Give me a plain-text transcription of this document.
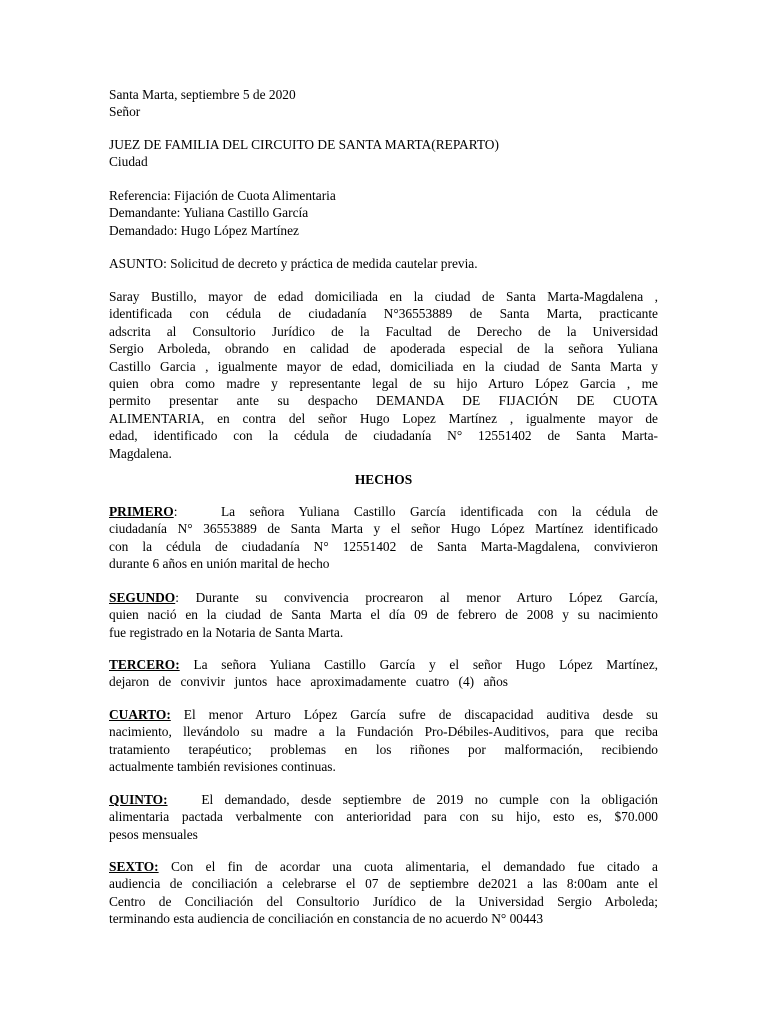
Santa Marta, septiembre 5 de 2020
Señor
JUEZ DE FAMILIA DEL CIRCUITO DE SANTA MARTA(REPARTO)
Ciudad
Referencia: Fijación de Cuota Alimentaria
Demandante: Yuliana Castillo García
Demandado: Hugo López Martínez
ASUNTO: Solicitud de decreto y práctica de medida cautelar previa.
Saray Bustillo, mayor de edad domiciliada en la ciudad de Santa Marta-Magdalena ,
identificada con cédula de ciudadanía N°36553889 de Santa Marta, practicante
adscrita al Consultorio Jurídico de la Facultad de Derecho de la Universidad
Sergio Arboleda, obrando en calidad de apoderada especial de la señora Yuliana
Castillo Garcia , igualmente mayor de edad, domiciliada en la ciudad de Santa Marta y
quien obra como madre y representante legal de su hijo Arturo López Garcia , me
permito presentar ante su despacho DEMANDA DE FIJACIÓN DE CUOTA
ALIMENTARIA, en contra del señor Hugo Lopez Martínez , igualmente mayor de
edad, identificado con la cédula de ciudadanía N° 12551402 de Santa Marta-
Magdalena.
HECHOS
PRIMERO:	La señora Yuliana Castillo García identificada con la cédula de
ciudadanía N° 36553889 de Santa Marta y el señor Hugo López Martínez identificado
con la cédula de ciudadanía N° 12551402 de Santa Marta-Magdalena, convivieron
durante 6 años en unión marital de hecho
SEGUNDO: Durante su convivencia procrearon al menor Arturo López García,
quien nació en la ciudad de Santa Marta el día 09 de febrero de 2008 y su nacimiento
fue registrado en la Notaria de Santa Marta.
TERCERO: La señora Yuliana Castillo García y el señor Hugo López Martínez,
dejaron de convivir juntos hace aproximadamente cuatro (4) años
CUARTO: El menor Arturo López García sufre de discapacidad auditiva desde su
nacimiento, llevándolo su madre a la Fundación Pro-Débiles-Auditivos, para que reciba
tratamiento terapéutico; problemas en los riñones por malformación, recibiendo
actualmente también revisiones continuas.
QUINTO:	El demandado, desde septiembre de 2019 no cumple con la obligación
alimentaria pactada verbalmente con anterioridad para con su hijo, esto es, $70.000
pesos mensuales
SEXTO: Con el fin de acordar una cuota alimentaria, el demandado fue citado a
audiencia de conciliación a celebrarse el 07 de septiembre de2021 a las 8:00am ante el
Centro de Conciliación del Consultorio Jurídico de la Universidad Sergio Arboleda;
terminando esta audiencia de conciliación en constancia de no acuerdo N° 00443
